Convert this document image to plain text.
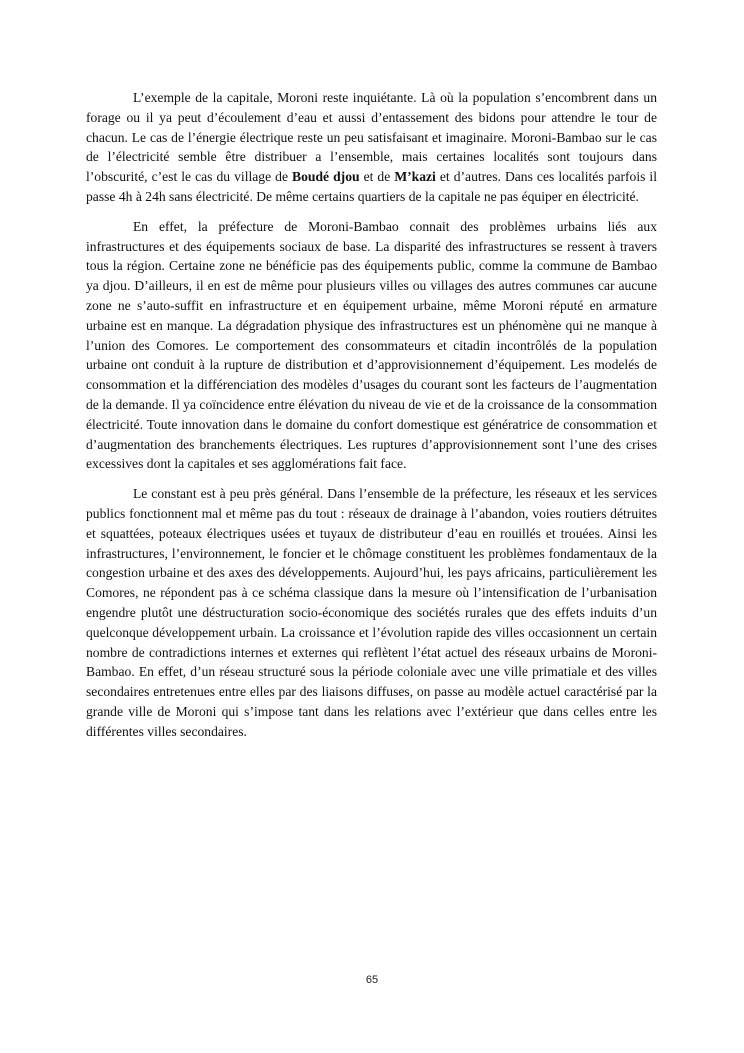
L’exemple de la capitale, Moroni reste inquiétante. Là où la population s’encombrent dans un forage ou il ya peut d’écoulement d’eau et aussi d’entassement des bidons pour attendre le tour de chacun. Le cas de l’énergie électrique reste un peu satisfaisant et imaginaire. Moroni-Bambao sur le cas de l’électricité semble être distribuer a l’ensemble, mais certaines localités sont toujours dans l’obscurité, c’est le cas du village de Boudé djou et de M’kazi et d’autres. Dans ces localités parfois il passe 4h à 24h sans électricité. De même certains quartiers de la capitale ne pas équiper en électricité.

En effet, la préfecture de Moroni-Bambao connait des problèmes urbains liés aux infrastructures et des équipements sociaux de base. La disparité des infrastructures se ressent à travers tous la région. Certaine zone ne bénéficie pas des équipements public, comme la commune de Bambao ya djou. D’ailleurs, il en est de même pour plusieurs villes ou villages des autres communes car aucune zone ne s’auto-suffit en infrastructure et en équipement urbaine, même Moroni réputé en armature urbaine est en manque. La dégradation physique des infrastructures est un phénomène qui ne manque à l’union des Comores. Le comportement des consommateurs et citadin incontrôlés de la population urbaine ont conduit à la rupture de distribution et d’approvisionnement d’équipement. Les modelés de consommation et la différenciation des modèles d’usages du courant sont les facteurs de l’augmentation de la demande. Il ya coïncidence entre élévation du niveau de vie et de la croissance de la consommation électricité. Toute innovation dans le domaine du confort domestique est génératrice de consommation et d’augmentation des branchements électriques. Les ruptures d’approvisionnement sont l’une des crises excessives dont la capitales et ses agglomérations fait face.

Le constant est à peu près général. Dans l’ensemble de la préfecture, les réseaux et les services publics fonctionnent mal et même pas du tout : réseaux de drainage à l’abandon, voies routiers détruites et squattées, poteaux électriques usées et tuyaux de distributeur d’eau en rouillés et trouées. Ainsi les infrastructures, l’environnement, le foncier et le chômage constituent les problèmes fondamentaux de la congestion urbaine et des axes des développements. Aujourd’hui, les pays africains, particulièrement les Comores, ne répondent pas à ce schéma classique dans la mesure où l’intensification de l’urbanisation engendre plutôt une déstructuration socio-économique des sociétés rurales que des effets induits d’un quelconque développement urbain. La croissance et l’évolution rapide des villes occasionnent un certain nombre de contradictions internes et externes qui reflètent l’état actuel des réseaux urbains de Moroni-Bambao. En effet, d’un réseau structuré sous la période coloniale avec une ville primatiale et des villes secondaires entretenues entre elles par des liaisons diffuses, on passe au modèle actuel caractérisé par la grande ville de Moroni qui s’impose tant dans les relations avec l’extérieur que dans celles entre les différentes villes secondaires.

65
